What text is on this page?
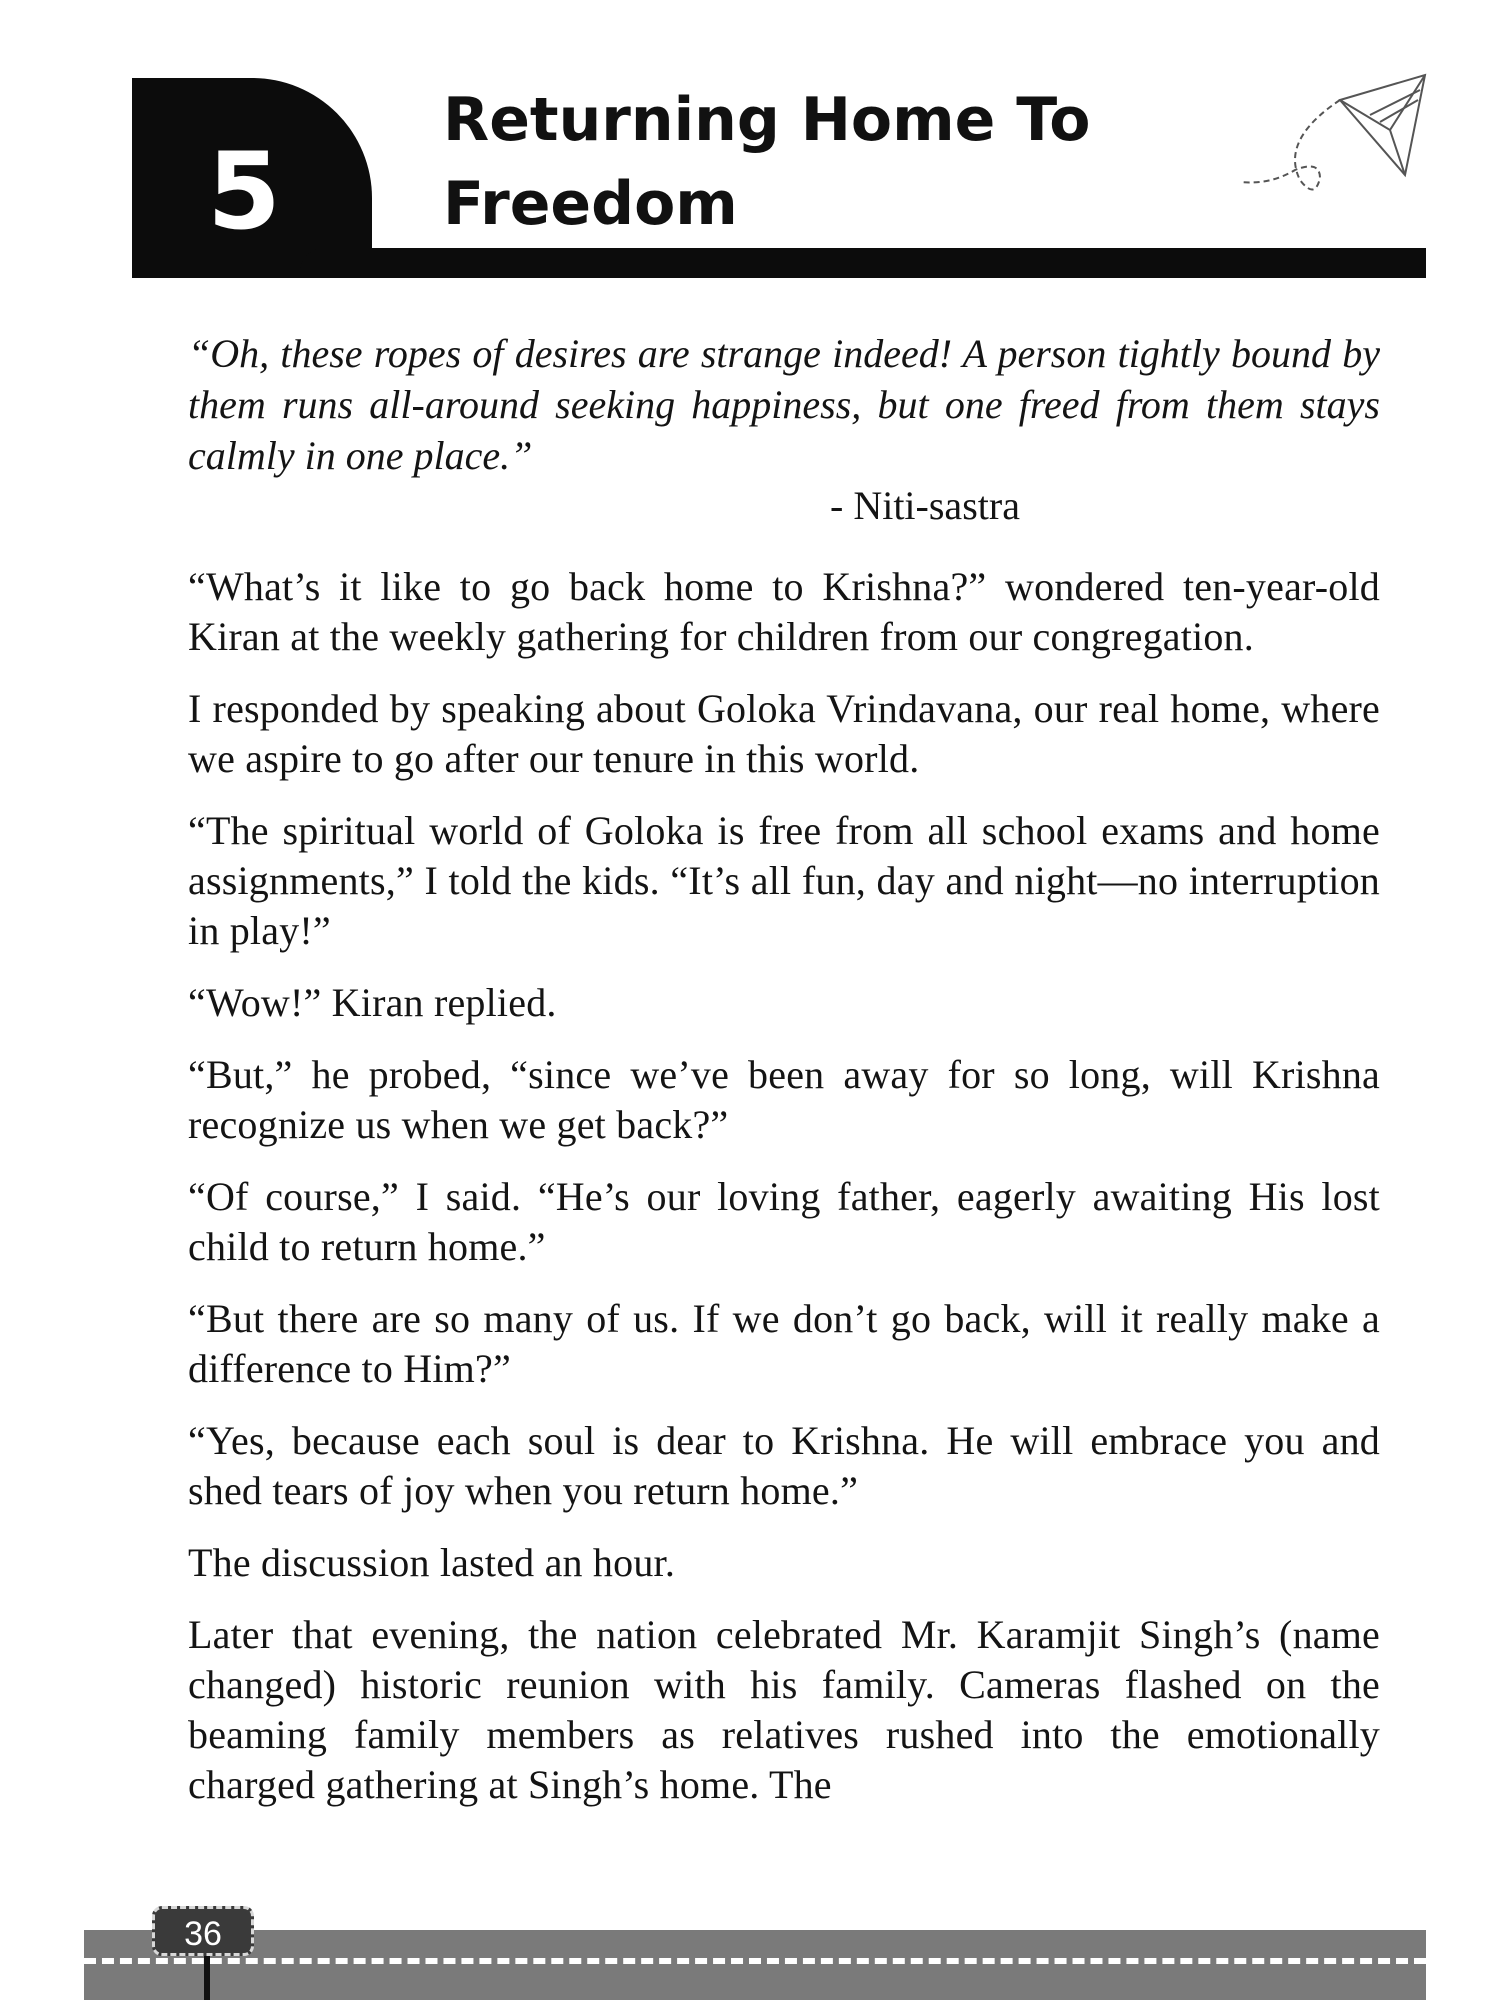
5
Returning Home To
Freedom

“Oh, these ropes of desires are strange indeed! A person tightly bound by them runs all-around seeking happiness, but one freed from them stays calmly in one place.”

- Niti-sastra

“What’s it like to go back home to Krishna?” wondered ten-year-old Kiran at the weekly gathering for children from our congregation.

I responded by speaking about Goloka Vrindavana, our real home, where we aspire to go after our tenure in this world.

“The spiritual world of Goloka is free from all school exams and home assignments,” I told the kids. “It’s all fun, day and night—no interruption in play!”

“Wow!” Kiran replied.

“But,” he probed, “since we’ve been away for so long, will Krishna recognize us when we get back?”

“Of course,” I said. “He’s our loving father, eagerly awaiting His lost child to return home.”

“But there are so many of us. If we don’t go back, will it really make a difference to Him?”

“Yes, because each soul is dear to Krishna. He will embrace you and shed tears of joy when you return home.”

The discussion lasted an hour.

Later that evening, the nation celebrated Mr. Karamjit Singh’s (name changed) historic reunion with his family. Cameras flashed on the beaming family members as relatives rushed into the emotionally charged gathering at Singh’s home. The

36
